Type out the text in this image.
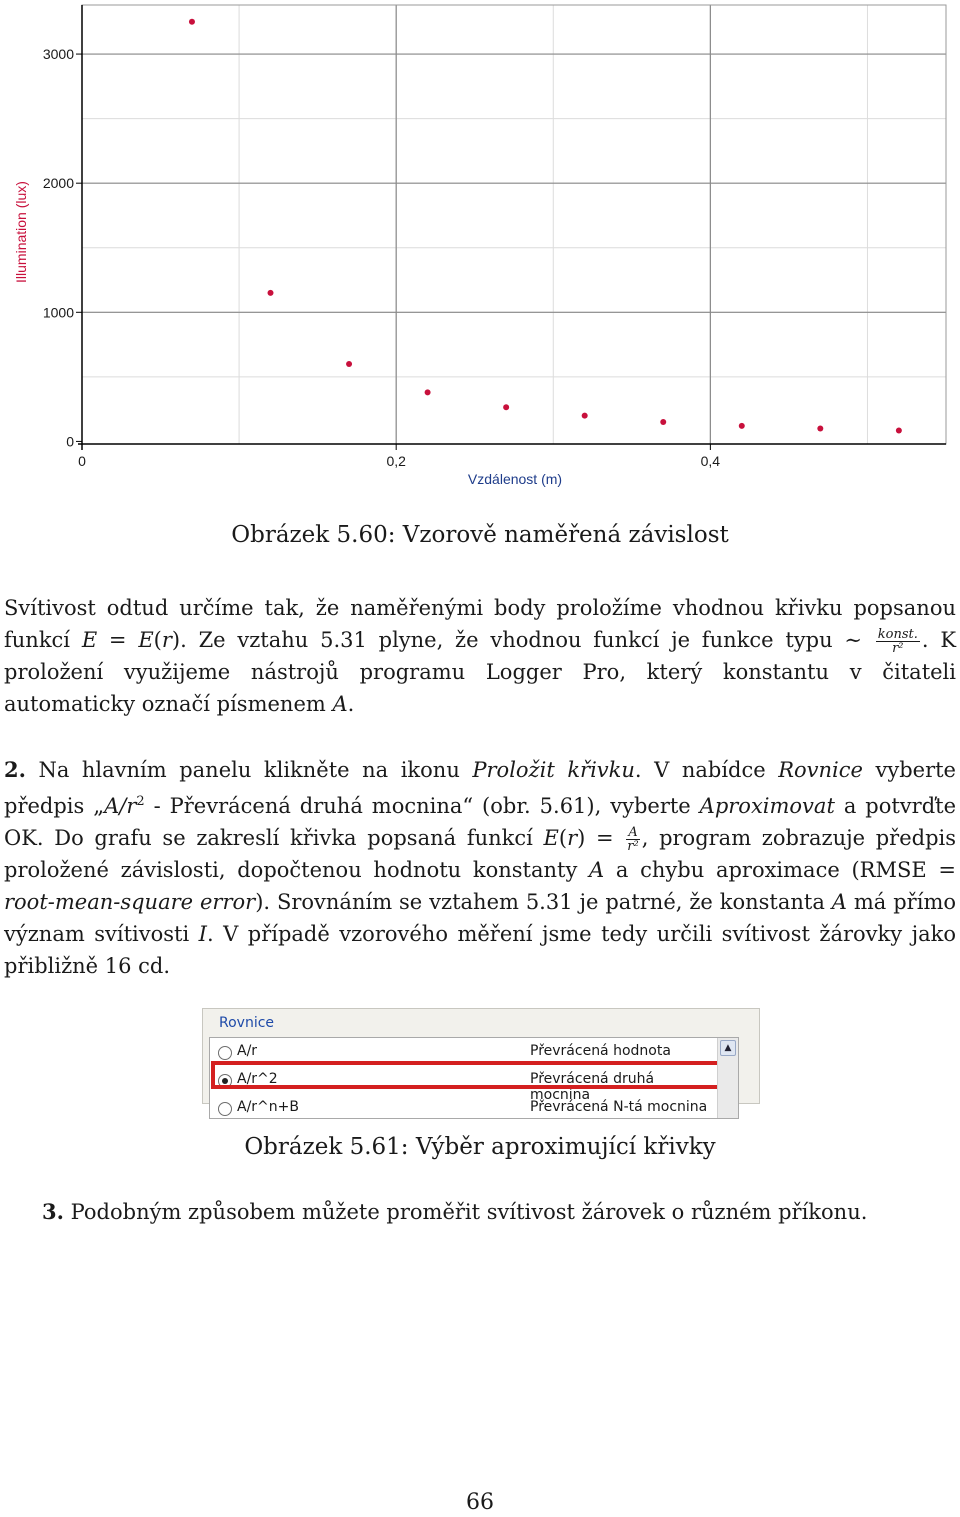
0	0,2	0,4
0
1000
2000
3000
Illumination (lux)
Vzdálenost (m)
Obrázek 5.60: Vzorově naměřená závislost

Svítivost odtud určíme tak, že naměřenými body proložíme vhodnou křivku popsanou funkcí E = E(r). Ze vztahu 5.31 plyne, že vhodnou funkcí je funkce typu ∼ $\frac{\text{konst.}}{\text{r²}}$ . K proložení využijeme nástrojů programu Logger Pro, který konstantu v čitateli automaticky označí písmenem A.

2. Na hlavním panelu klikněte na ikonu Proložit křivku. V nabídce Rovnice vyberte předpis $„A/r^2$ - Převrácená druhá mocnina“ (obr. 5.61), vyberte Aproximovat a potvrďte OK. Do grafu se zakreslí křivka popsaná funkcí $E(r) = \frac{A}{\text{r²}}$ , program zobrazuje předpis proložené závislosti, dopočtenou hodnotu konstanty A a chybu aproximace (RMSE = root-mean-square error). Srovnáním se vztahem 5.31 je patrné, že konstanta A má přímo význam svítivosti I. V případě vzorového měření jsme tedy určili svítivost žárovky jako přibližně 16 cd.

Rovnice
A/r	Převrácená hodnota
A/r^2	Převrácená druhá mocnina
A/r^n+B	Převrácená N-tá mocnina
▲
Obrázek 5.61: Výběr aproximující křivky

3. Podobným způsobem můžete proměřit svítivost žárovek o různém příkonu.

66
